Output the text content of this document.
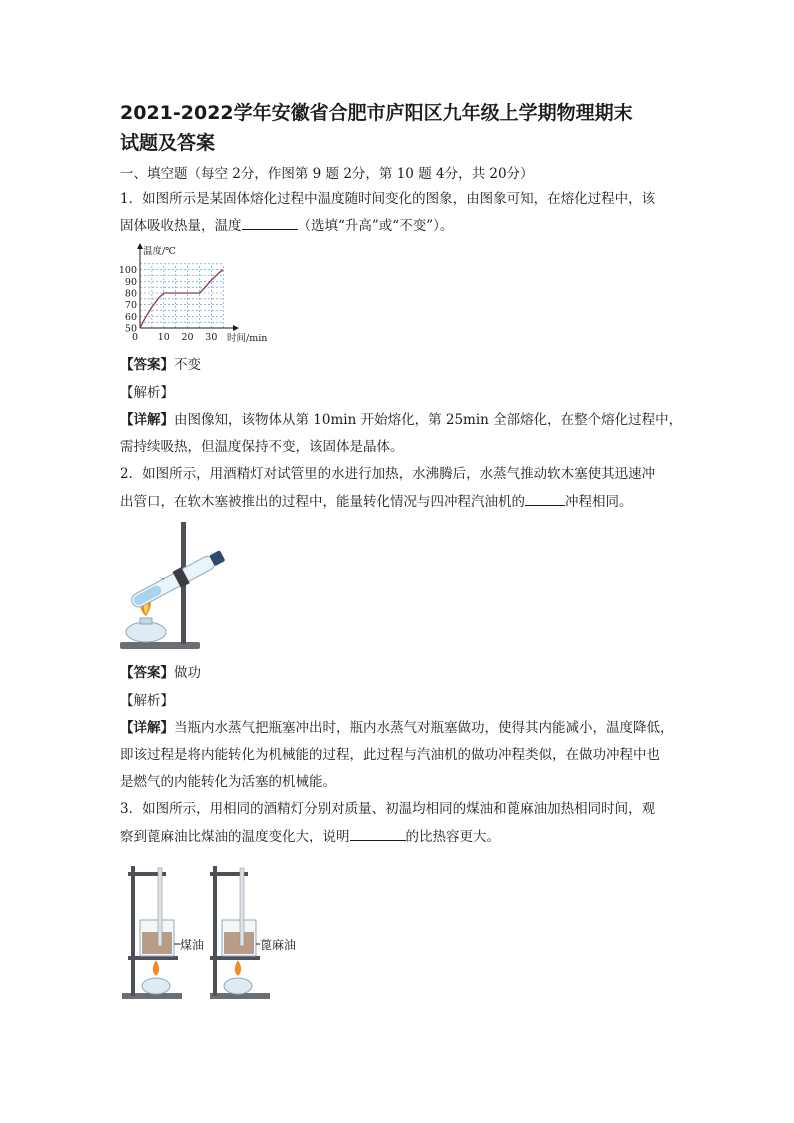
2021-2022学年安徽省合肥市庐阳区九年级上学期物理期末
试题及答案
一、填空题（每空 2分，作图第 9 题 2分，第 10 题 4分，共 20分）
1．如图所示是某固体熔化过程中温度随时间变化的图象，由图象可知，在熔化过程中，该
固体吸收热量，温度	（选填“升高”或“不变”）。
温度/℃
时间/min
50
60
70
80
90
100
0 10 20 30
【答案】不变
【解析】
【详解】由图像知，该物体从第 10min 开始熔化，第 25min 全部熔化，在整个熔化过程中，
需持续吸热，但温度保持不变，该固体是晶体。
2．如图所示，用酒精灯对试管里的水进行加热，水沸腾后，水蒸气推动软木塞使其迅速冲
出管口，在软木塞被推出的过程中，能量转化情况与四冲程汽油机的	冲程相同。
【答案】做功
【解析】
【详解】当瓶内水蒸气把瓶塞冲出时，瓶内水蒸气对瓶塞做功，使得其内能减小，温度降低，
即该过程是将内能转化为机械能的过程，此过程与汽油机的做功冲程类似，在做功冲程中也
是燃气的内能转化为活塞的机械能。
3．如图所示，用相同的酒精灯分别对质量、初温均相同的煤油和蓖麻油加热相同时间，观
察到蓖麻油比煤油的温度变化大，说明	的比热容更大。
煤油	蓖麻油
